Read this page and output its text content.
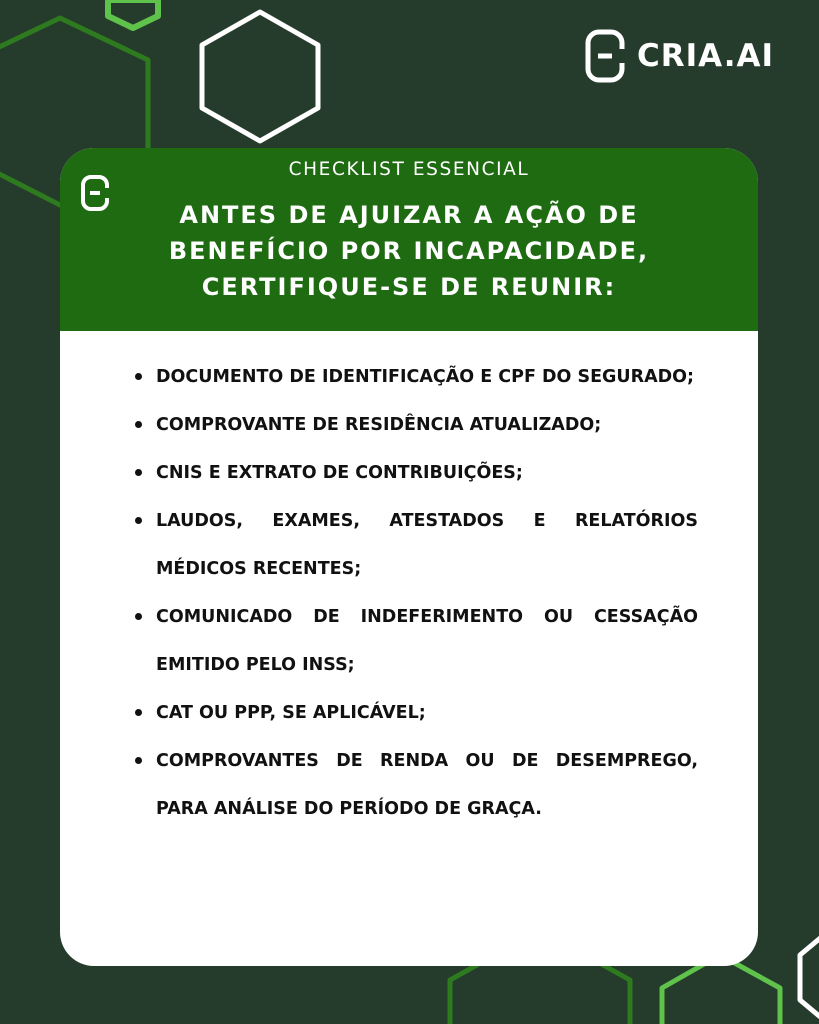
CRIA.AI
CHECKLIST ESSENCIAL
ANTES DE AJUIZAR A AÇÃO DE BENEFÍCIO POR INCAPACIDADE, CERTIFIQUE-SE DE REUNIR:
DOCUMENTO DE IDENTIFICAÇÃO E CPF DO SEGURADO;
COMPROVANTE DE RESIDÊNCIA ATUALIZADO;
CNIS E EXTRATO DE CONTRIBUIÇÕES;
LAUDOS, EXAMES, ATESTADOS E RELATÓRIOS MÉDICOS RECENTES;
COMUNICADO DE INDEFERIMENTO OU CESSAÇÃO EMITIDO PELO INSS;
CAT OU PPP, SE APLICÁVEL;
COMPROVANTES DE RENDA OU DE DESEMPREGO, PARA ANÁLISE DO PERÍODO DE GRAÇA.
